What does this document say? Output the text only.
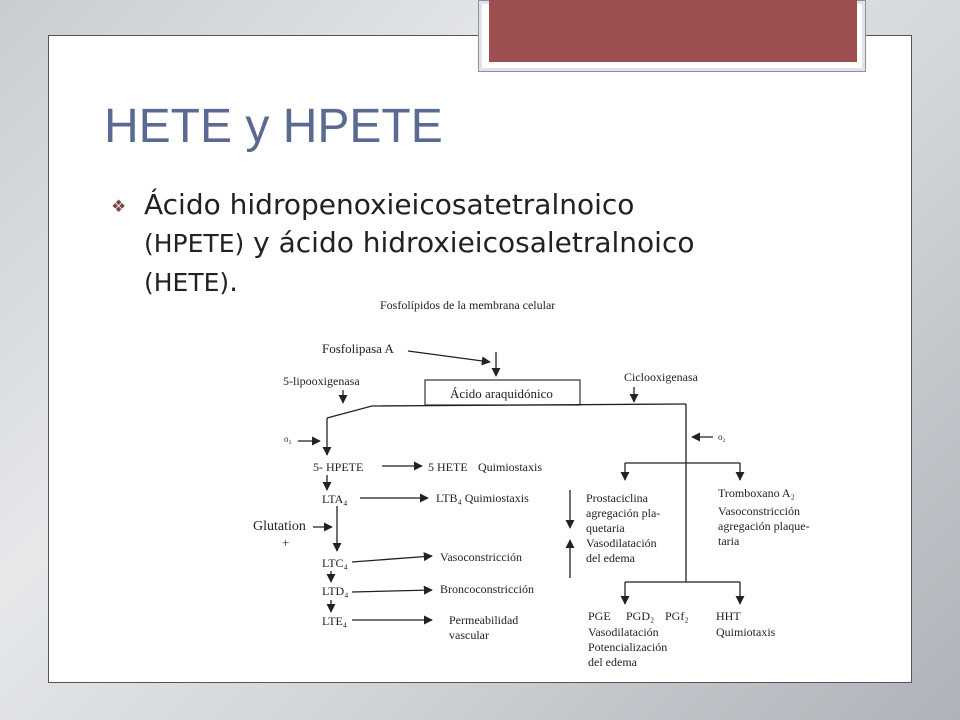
HETE y HPETE
❖ Ácido hidropenoxieicosatetralnoico
(HPETE) y ácido hidroxieicosaletralnoico
(HETE).
Fosfolípidos de la membrana celular
Fosfolipasa A
5-lipooxigenasa
Ácido araquidónico
Ciclooxigenasa
o₂	o₂
5- HPETE	5 HETE Quimiostaxis
LTA₄	LTB₄ Quimiostaxis
Glutation
+
LTC₄	Vasoconstricción
LTD₄	Broncoconstricción
LTE₄	Permeabilidad
vascular
Prostaciclina
agregación pla-
quetaria
Vasodilatación
del edema
Tromboxano A₂
Vasoconstricción
agregación plaque-
taria
PGE PGD₂ PGf₂ HHT
Quimiotaxis
Vasodilatación
Potencialización
del edema
